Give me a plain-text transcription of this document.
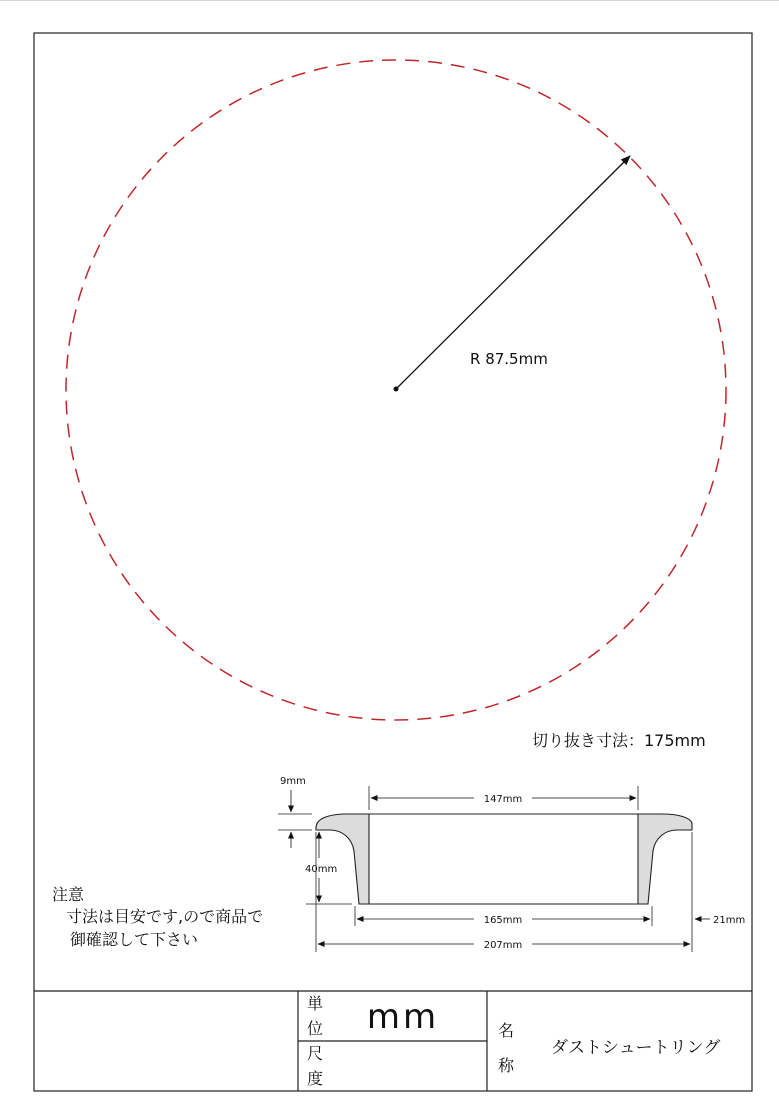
R 87.5mm
切り抜き寸法：175mm
147mm
9mm
40mm
165mm
207mm
21mm
注意
寸法は目安です,ので商品で
御確認して下さい
単
位 mm
尺
度
名
称
ダストシュートリング
